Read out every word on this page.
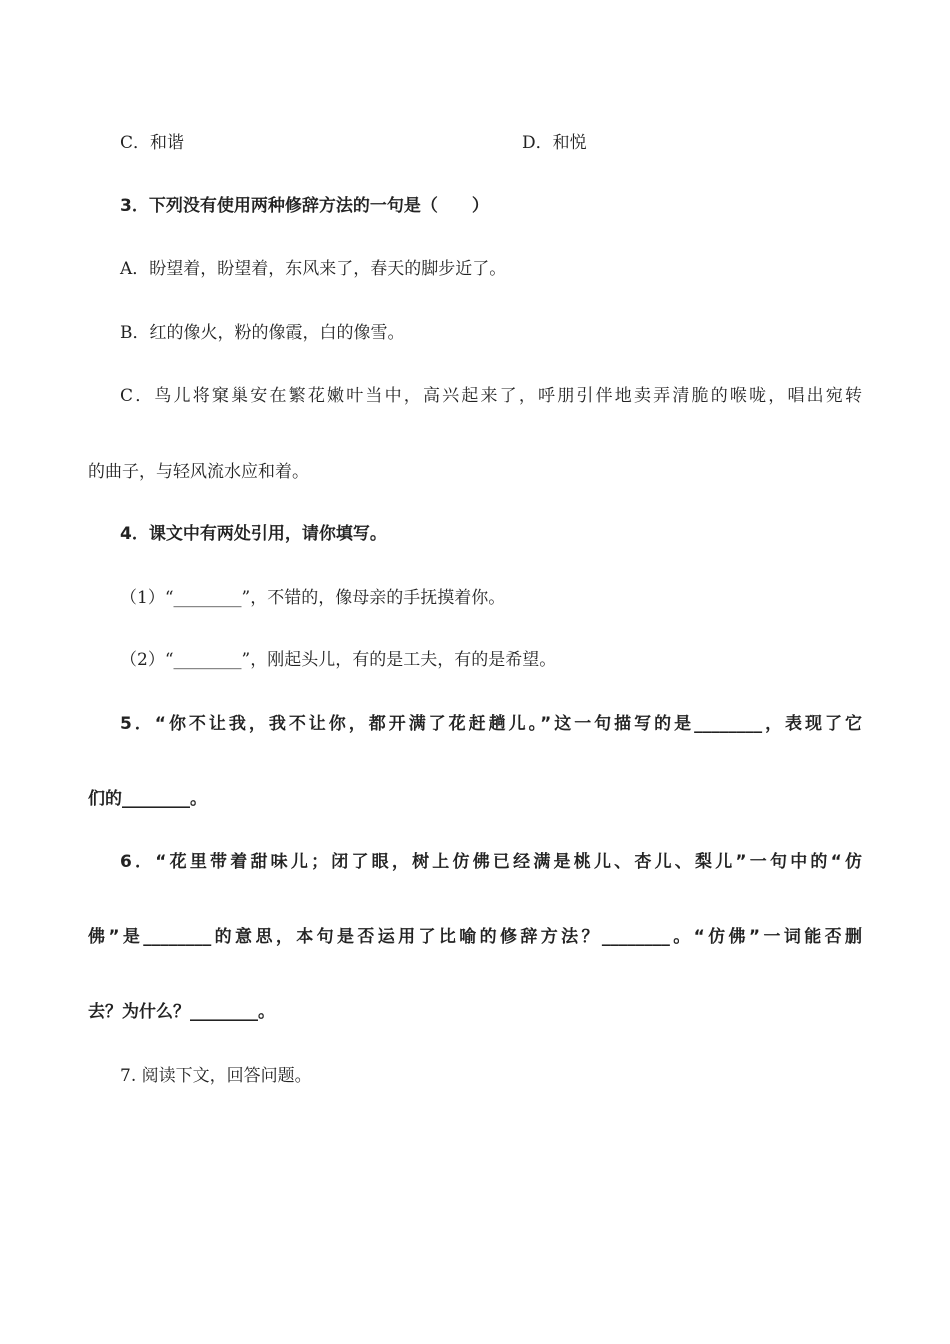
C．和谐	D．和悦
3．下列没有使用两种修辞方法的一句是（　　）
A．盼望着，盼望着，东风来了，春天的脚步近了。
B．红的像火，粉的像霞，白的像雪。
C．鸟儿将窠巢安在繁花嫩叶当中，高兴起来了，呼朋引伴地卖弄清脆的喉咙，唱出宛转
的曲子，与轻风流水应和着。
4．课文中有两处引用，请你填写。
（1）“________”，不错的，像母亲的手抚摸着你。
（2）“________”，刚起头儿，有的是工夫，有的是希望。
5．“你不让我，我不让你，都开满了花赶趟儿。”这一句描写的是________，表现了它
们的________。
6．“花里带着甜味儿；闭了眼，树上仿佛已经满是桃儿、杏儿、梨儿”一句中的“仿
佛”是________的意思，本句是否运用了比喻的修辞方法？________。“仿佛”一词能否删
去？为什么？________。
7. 阅读下文，回答问题。
